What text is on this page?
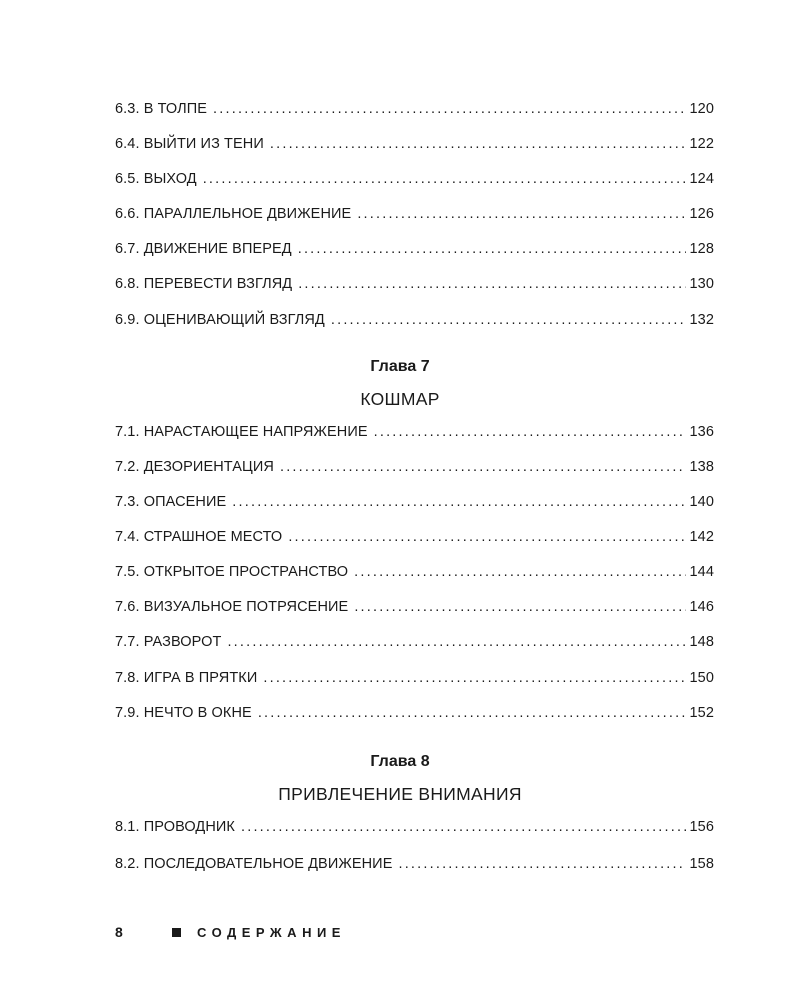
6.3. В ТОЛПЕ .....	120
6.4. ВЫЙТИ ИЗ ТЕНИ .....	122
6.5. ВЫХОД .....	124
6.6. ПАРАЛЛЕЛЬНОЕ ДВИЖЕНИЕ .....	126
6.7. ДВИЖЕНИЕ ВПЕРЕД .....	128
6.8. ПЕРЕВЕСТИ ВЗГЛЯД .....	130
6.9. ОЦЕНИВАЮЩИЙ ВЗГЛЯД .....	132
Глава 7
КОШМАР
7.1. НАРАСТАЮЩЕЕ НАПРЯЖЕНИЕ .....	136
7.2. ДЕЗОРИЕНТАЦИЯ .....	138
7.3. ОПАСЕНИЕ .....	140
7.4. СТРАШНОЕ МЕСТО .....	142
7.5. ОТКРЫТОЕ ПРОСТРАНСТВО .....	144
7.6. ВИЗУАЛЬНОЕ ПОТРЯСЕНИЕ .....	146
7.7. РАЗВОРОТ .....	148
7.8. ИГРА В ПРЯТКИ .....	150
7.9. НЕЧТО В ОКНЕ .....	152
Глава 8
ПРИВЛЕЧЕНИЕ ВНИМАНИЯ
8.1. ПРОВОДНИК .....	156
8.2. ПОСЛЕДОВАТЕЛЬНОЕ ДВИЖЕНИЕ .....	158
8	СОДЕРЖАНИЕ
